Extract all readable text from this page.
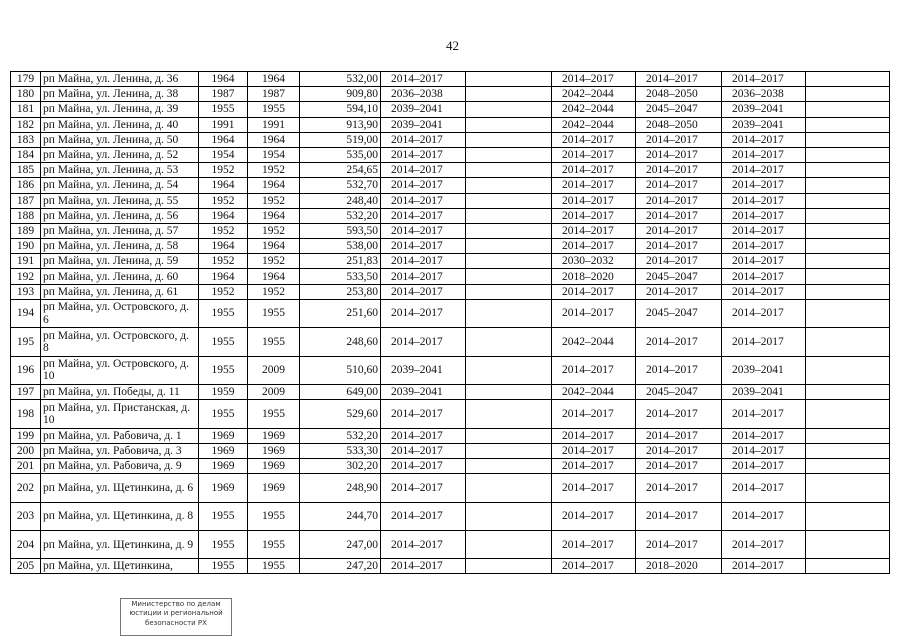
42
179	рп Майна, ул. Ленина, д. 36	1964	1964	532,00	2014–2017		2014–2017	2014–2017	2014–2017	
180	рп Майна, ул. Ленина, д. 38	1987	1987	909,80	2036–2038		2042–2044	2048–2050	2036–2038	
181	рп Майна, ул. Ленина, д. 39	1955	1955	594,10	2039–2041		2042–2044	2045–2047	2039–2041	
182	рп Майна, ул. Ленина, д. 40	1991	1991	913,90	2039–2041		2042–2044	2048–2050	2039–2041	
183	рп Майна, ул. Ленина, д. 50	1964	1964	519,00	2014–2017		2014–2017	2014–2017	2014–2017	
184	рп Майна, ул. Ленина, д. 52	1954	1954	535,00	2014–2017		2014–2017	2014–2017	2014–2017	
185	рп Майна, ул. Ленина, д. 53	1952	1952	254,65	2014–2017		2014–2017	2014–2017	2014–2017	
186	рп Майна, ул. Ленина, д. 54	1964	1964	532,70	2014–2017		2014–2017	2014–2017	2014–2017	
187	рп Майна, ул. Ленина, д. 55	1952	1952	248,40	2014–2017		2014–2017	2014–2017	2014–2017	
188	рп Майна, ул. Ленина, д. 56	1964	1964	532,20	2014–2017		2014–2017	2014–2017	2014–2017	
189	рп Майна, ул. Ленина, д. 57	1952	1952	593,50	2014–2017		2014–2017	2014–2017	2014–2017	
190	рп Майна, ул. Ленина, д. 58	1964	1964	538,00	2014–2017		2014–2017	2014–2017	2014–2017	
191	рп Майна, ул. Ленина, д. 59	1952	1952	251,83	2014–2017		2030–2032	2014–2017	2014–2017	
192	рп Майна, ул. Ленина, д. 60	1964	1964	533,50	2014–2017		2018–2020	2045–2047	2014–2017	
193	рп Майна, ул. Ленина, д. 61	1952	1952	253,80	2014–2017		2014–2017	2014–2017	2014–2017	
194	рп Майна, ул. Островского, д. 6	1955	1955	251,60	2014–2017		2014–2017	2045–2047	2014–2017	
195	рп Майна, ул. Островского, д. 8	1955	1955	248,60	2014–2017		2042–2044	2014–2017	2014–2017	
196	рп Майна, ул. Островского, д. 10	1955	2009	510,60	2039–2041		2014–2017	2014–2017	2039–2041	
197	рп Майна, ул. Победы, д. 11	1959	2009	649,00	2039–2041		2042–2044	2045–2047	2039–2041	
198	рп Майна, ул. Пристанская, д. 10	1955	1955	529,60	2014–2017		2014–2017	2014–2017	2014–2017	
199	рп Майна, ул. Рабовича, д. 1	1969	1969	532,20	2014–2017		2014–2017	2014–2017	2014–2017	
200	рп Майна, ул. Рабовича, д. 3	1969	1969	533,30	2014–2017		2014–2017	2014–2017	2014–2017	
201	рп Майна, ул. Рабовича, д. 9	1969	1969	302,20	2014–2017		2014–2017	2014–2017	2014–2017	
202	рп Майна, ул. Щетинкина, д. 6	1969	1969	248,90	2014–2017		2014–2017	2014–2017	2014–2017	
203	рп Майна, ул. Щетинкина, д. 8	1955	1955	244,70	2014–2017		2014–2017	2014–2017	2014–2017	
204	рп Майна, ул. Щетинкина, д. 9	1955	1955	247,00	2014–2017		2014–2017	2014–2017	2014–2017	
205	рп Майна, ул. Щетинкина,	1955	1955	247,20	2014–2017		2014–2017	2018–2020	2014–2017	
Министерство по делам
юстиции и региональной
безопасности РХ
